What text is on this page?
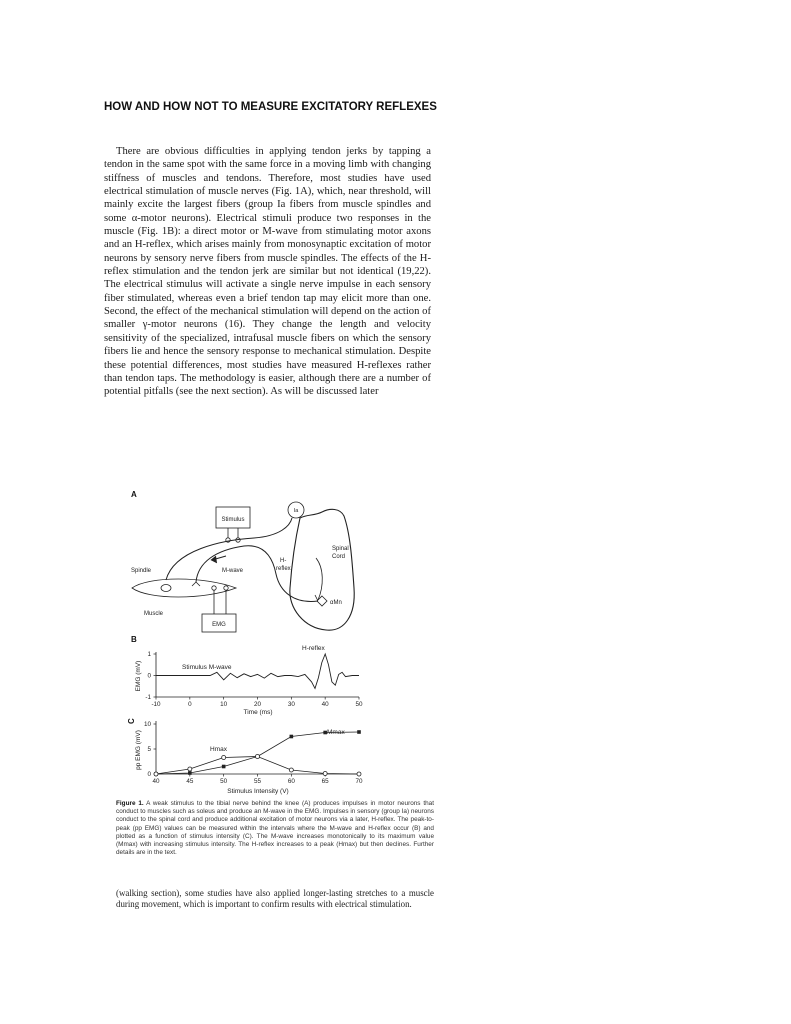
HOW AND HOW NOT TO MEASURE EXCITATORY REFLEXES

There are obvious difficulties in applying tendon jerks by tapping a tendon in the same spot with the same force in a moving limb with changing stiffness of muscles and tendons. Therefore, most studies have used electrical stimulation of muscle nerves (Fig. 1A), which, near threshold, will mainly excite the largest fibers (group Ia fibers from muscle spindles and some α-motor neurons). Electrical stimuli produce two responses in the muscle (Fig. 1B): a direct motor or M-wave from stimulating motor axons and an H-reflex, which arises mainly from monosynaptic excitation of motor neurons by sensory nerve fibers from muscle spindles. The effects of the H-reflex stimulation and the tendon jerk are similar but not identical (19,22). The electrical stimulus will activate a single nerve impulse in each sensory fiber stimulated, whereas even a brief tendon tap may elicit more than one. Second, the effect of the mechanical stimulation will depend on the action of smaller γ-motor neurons (16). They change the length and velocity sensitivity of the specialized, intrafusal muscle fibers on which the sensory fibers lie and hence the sensory response to mechanical stimulation. Despite these potential differences, most studies have measured H-reflexes rather than tendon taps. The methodology is easier, although there are a number of potential pitfalls (see the next section). As will be discussed later

A
Stimulus
Ia
Spinal
Cord
H-
reflex
αMn
M-wave
Spindle
Muscle
EMG
B
-10	0	10	20	30	40	50
-1
0
1
Stimulus M-wave
H-reflex
EMG (mV)
Time (ms)
C
40	45	50	55	60	65	70
0
5
10
Mmax
Hmax
pp EMG (mV)
Stimulus Intensity (V)
Figure 1. A weak stimulus to the tibial nerve behind the knee (A) produces impulses in motor neurons that conduct to muscles such as soleus and produce an M-wave in the EMG. Impulses in sensory (group Ia) neurons conduct to the spinal cord and produce additional excitation of motor neurons via a later, H-reflex. The peak-to-peak (pp EMG) values can be measured within the intervals where the M-wave and H-reflex occur (B) and plotted as a function of stimulus intensity (C). The M-wave increases monotonically to its maximum value (Mmax) with increasing stimulus intensity. The H-reflex increases to a peak (Hmax) but then declines. Further details are in the text.

(walking section), some studies have also applied longer-lasting stretches to a muscle during movement, which is important to confirm results with electrical stimulation.
